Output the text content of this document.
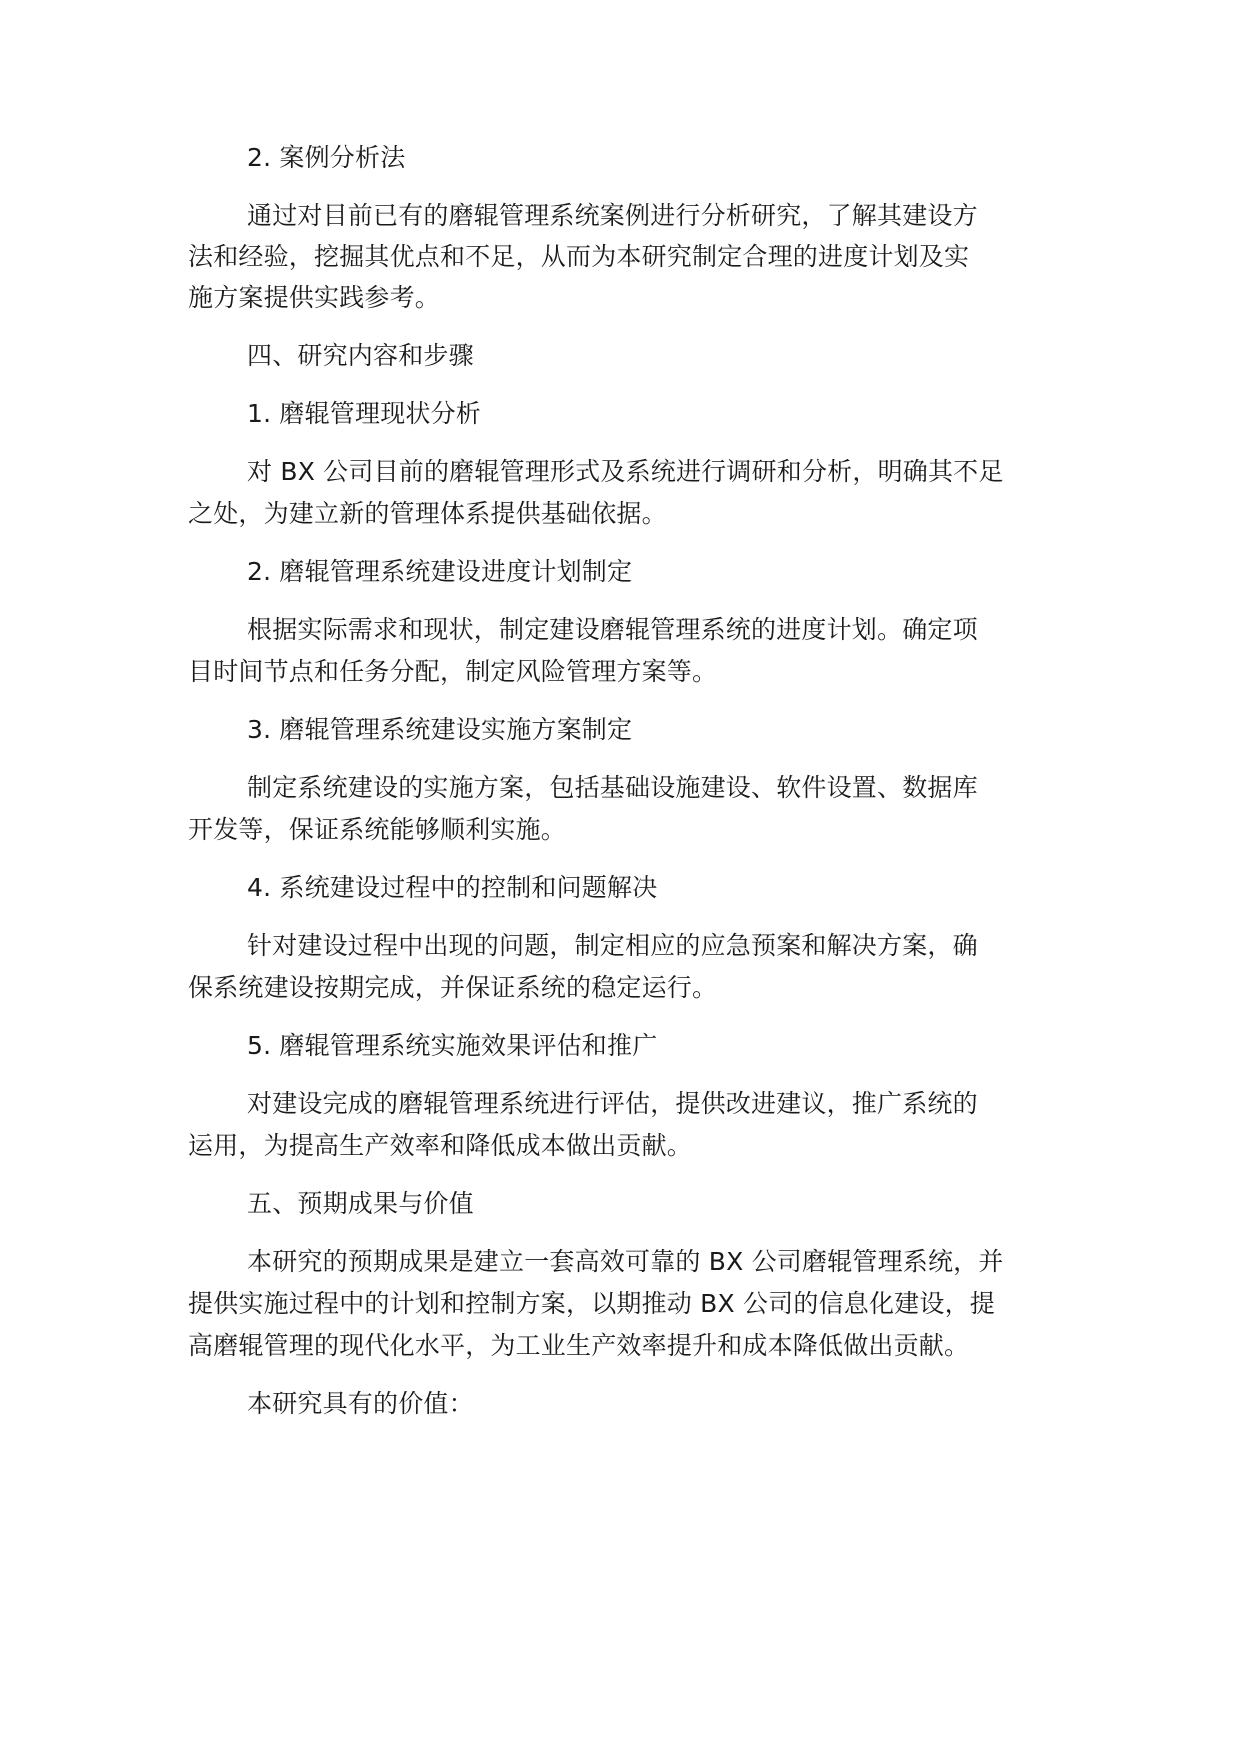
2. 案例分析法
通过对目前已有的磨辊管理系统案例进行分析研究，了解其建设方
法和经验，挖掘其优点和不足，从而为本研究制定合理的进度计划及实
施方案提供实践参考。
四、研究内容和步骤
1. 磨辊管理现状分析
对 BX 公司目前的磨辊管理形式及系统进行调研和分析，明确其不足
之处，为建立新的管理体系提供基础依据。
2. 磨辊管理系统建设进度计划制定
根据实际需求和现状，制定建设磨辊管理系统的进度计划。确定项
目时间节点和任务分配，制定风险管理方案等。
3. 磨辊管理系统建设实施方案制定
制定系统建设的实施方案，包括基础设施建设、软件设置、数据库
开发等，保证系统能够顺利实施。
4. 系统建设过程中的控制和问题解决
针对建设过程中出现的问题，制定相应的应急预案和解决方案，确
保系统建设按期完成，并保证系统的稳定运行。
5. 磨辊管理系统实施效果评估和推广
对建设完成的磨辊管理系统进行评估，提供改进建议，推广系统的
运用，为提高生产效率和降低成本做出贡献。
五、预期成果与价值
本研究的预期成果是建立一套高效可靠的 BX 公司磨辊管理系统，并
提供实施过程中的计划和控制方案，以期推动 BX 公司的信息化建设，提
高磨辊管理的现代化水平，为工业生产效率提升和成本降低做出贡献。
本研究具有的价值：
